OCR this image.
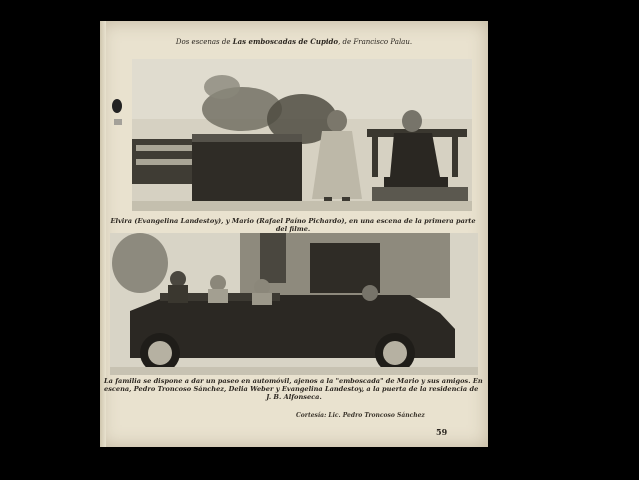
Dos escenas de Las emboscadas de Cupido, de Francisco Palau.
Elvira (Evangelina Landestoy), y Mario (Rafael Paíno Pichardo), en una escena de la primera parte del filme.
La familia se dispone a dar un paseo en automóvil, ajenos a la "emboscada" de Mario y sus amigos. En escena, Pedro Troncoso Sánchez, Delia Weber y Evangelina Landestoy, a la puerta de la residencia de J. B. Alfonseca.
Cortesía: Lic. Pedro Troncoso Sánchez
59
